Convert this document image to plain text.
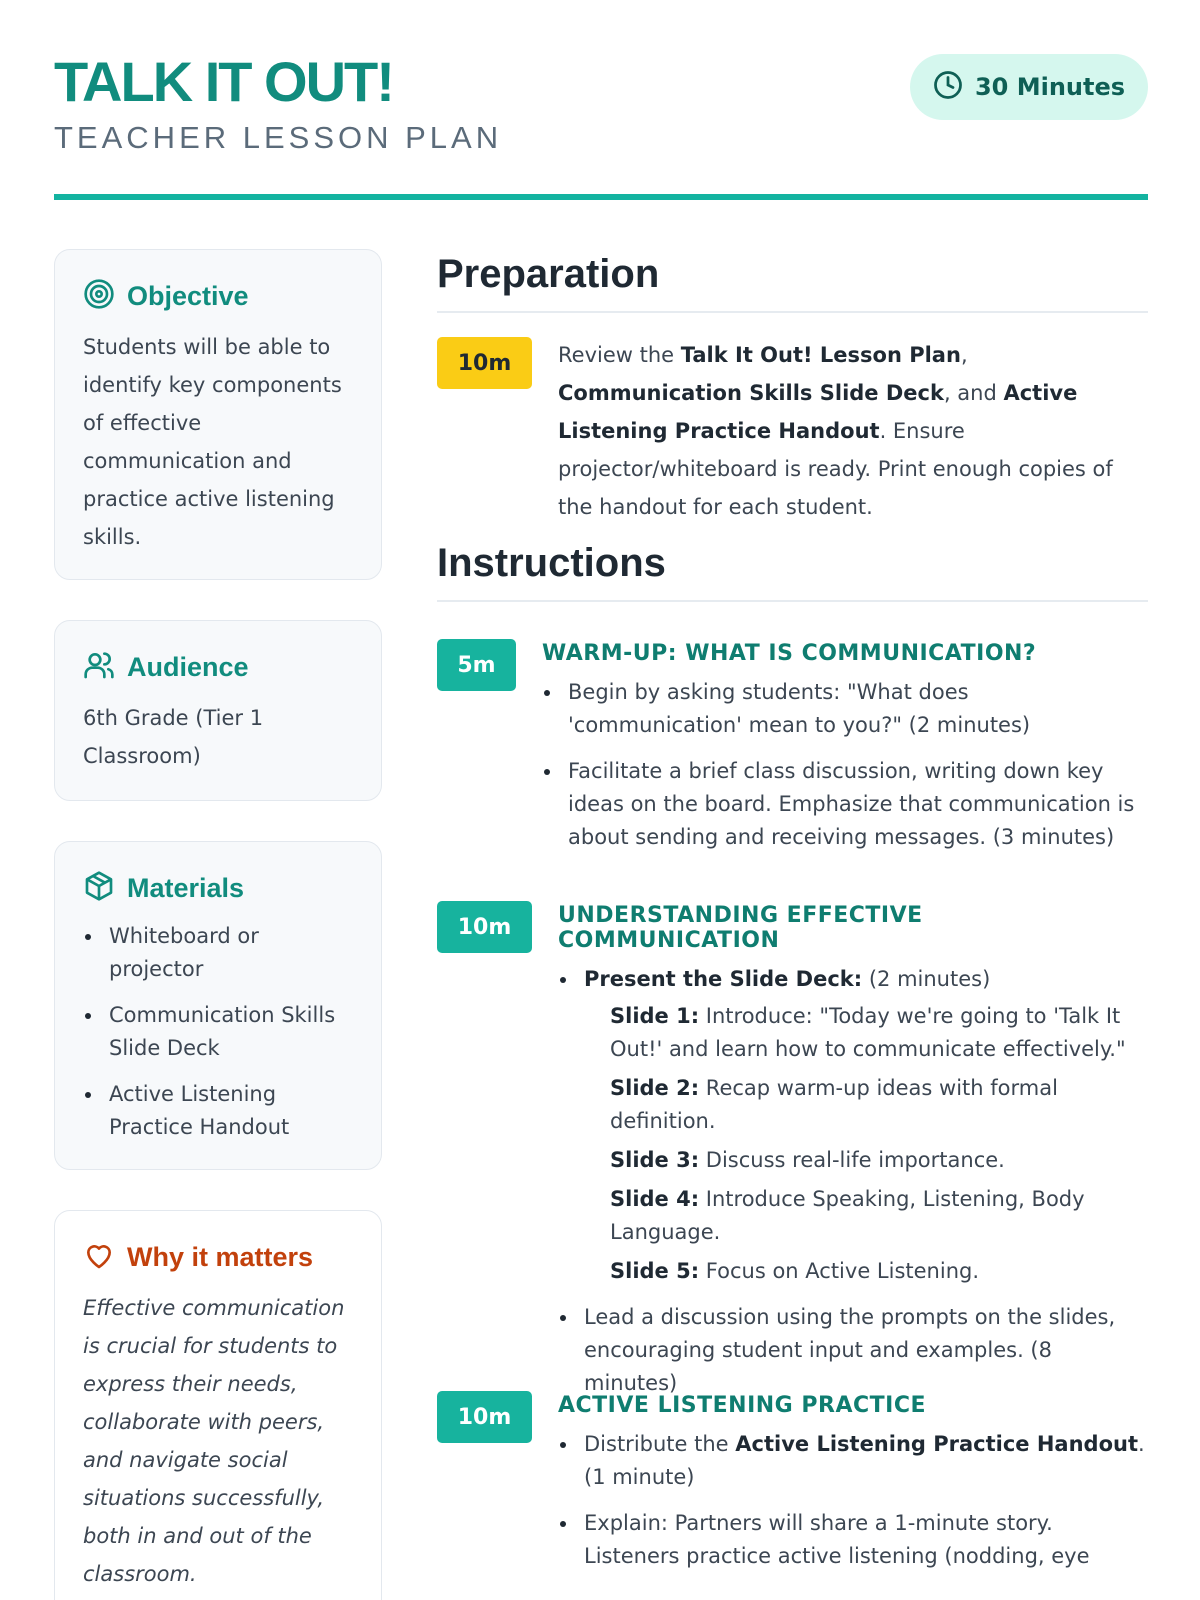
TALK IT OUT!
TEACHER LESSON PLAN
30 Minutes
Objective
Students will be able to identify key components of effective communication and practice active listening skills.
Audience
6th Grade (Tier 1 Classroom)
Materials
Whiteboard or projector
Communication Skills Slide Deck
Active Listening Practice Handout
Why it matters
Effective communication is crucial for students to express their needs, collaborate with peers, and navigate social situations successfully, both in and out of the classroom.
Preparation
10m	Review the Talk It Out! Lesson Plan, Communication Skills Slide Deck, and Active Listening Practice Handout. Ensure projector/whiteboard is ready. Print enough copies of the handout for each student.
Instructions
5m	WARM-UP: WHAT IS COMMUNICATION?
Begin by asking students: "What does 'communication' mean to you?" (2 minutes)
Facilitate a brief class discussion, writing down key ideas on the board. Emphasize that communication is about sending and receiving messages. (3 minutes)
10m	UNDERSTANDING EFFECTIVE COMMUNICATION
Present the Slide Deck: (2 minutes)
Slide 1: Introduce: "Today we're going to 'Talk It Out!' and learn how to communicate effectively."
Slide 2: Recap warm-up ideas with formal definition.
Slide 3: Discuss real-life importance.
Slide 4: Introduce Speaking, Listening, Body Language.
Slide 5: Focus on Active Listening.
Lead a discussion using the prompts on the slides, encouraging student input and examples. (8 minutes)
10m	ACTIVE LISTENING PRACTICE
Distribute the Active Listening Practice Handout. (1 minute)
Explain: Partners will share a 1-minute story. Listeners practice active listening (nodding, eye
